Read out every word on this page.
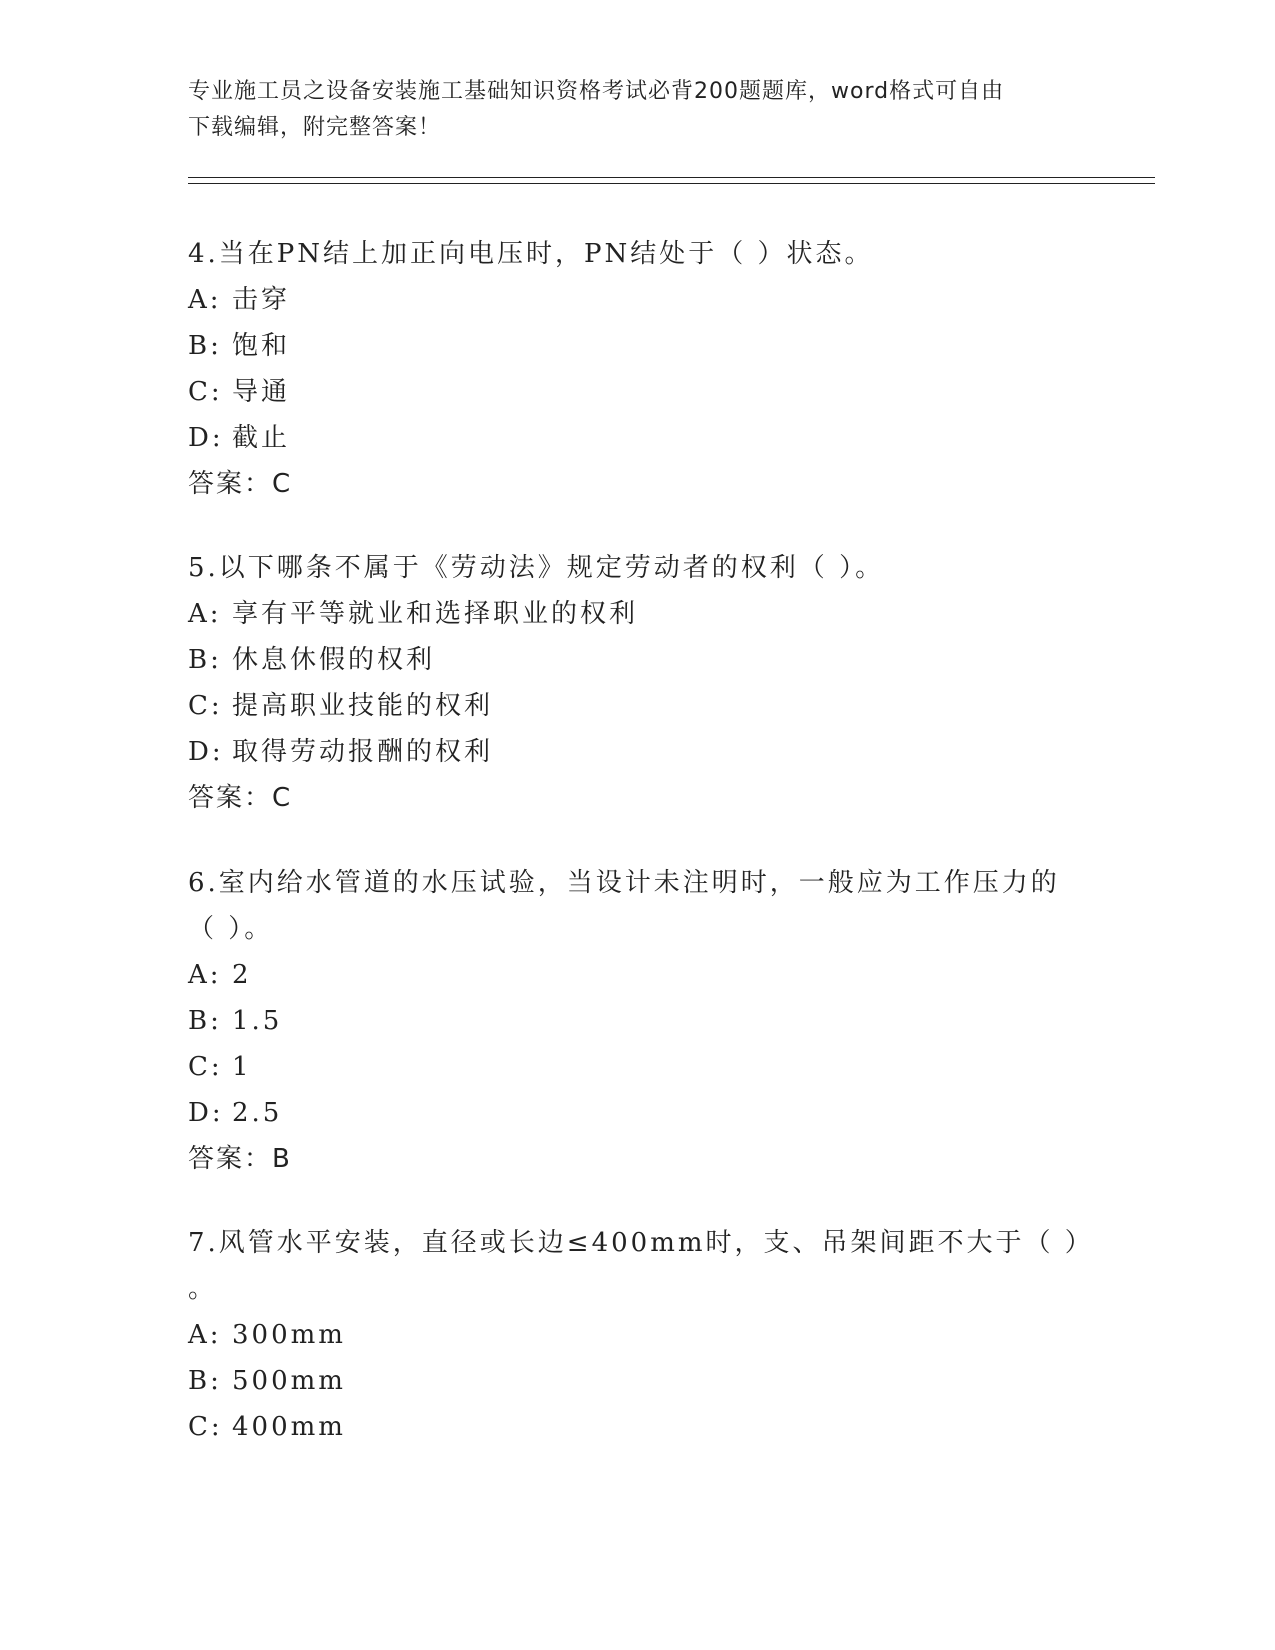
专业施工员之设备安装施工基础知识资格考试必背200题题库，word格式可自由
下载编辑，附完整答案！
4.当在PN结上加正向电压时，PN结处于（ ）状态。
A: 击穿
B: 饱和
C: 导通
D: 截止
答案：C
5.以下哪条不属于《劳动法》规定劳动者的权利（ ）。
A: 享有平等就业和选择职业的权利
B: 休息休假的权利
C: 提高职业技能的权利
D: 取得劳动报酬的权利
答案：C
6.室内给水管道的水压试验，当设计未注明时，一般应为工作压力的
（ ）。
A: 2
B: 1.5
C: 1
D: 2.5
答案：B
7.风管水平安装，直径或长边≤400mm时，支、吊架间距不大于（ ）
。
A: 300mm
B: 500mm
C: 400mm
